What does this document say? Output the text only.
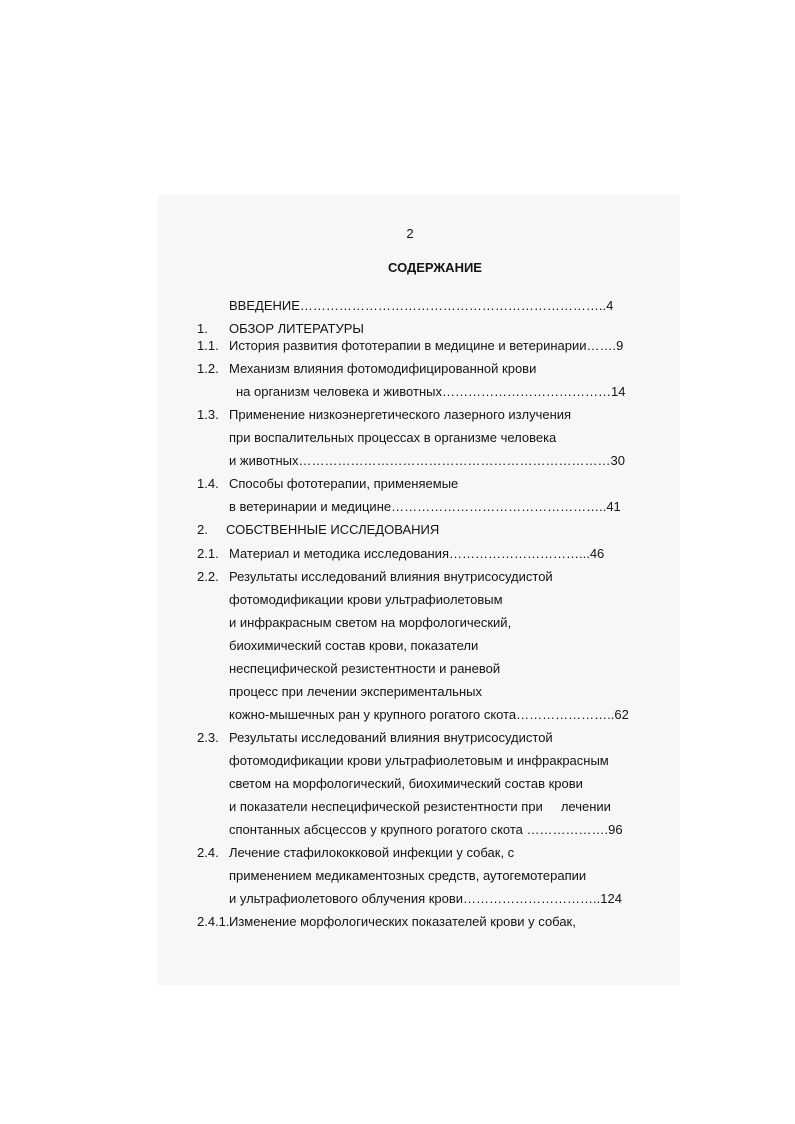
2
СОДЕРЖАНИЕ
ВВЕДЕНИЕ……………………………………………………………..4
1. ОБЗОР ЛИТЕРАТУРЫ
1.1. История развития фототерапии в медицине и ветеринарии…….9
1.2. Механизм влияния фотомодифицированной крови
на организм человека и животных…………………………………14
1.3. Применение низкоэнергетического лазерного излучения
при воспалительных процессах в организме человека
и животных………………………………………………………………30
1.4. Способы фототерапии, применяемые
в ветеринарии и медицине…………………………………………..41
2. СОБСТВЕННЫЕ ИССЛЕДОВАНИЯ
2.1. Материал и методика исследования…………………………...46
2.2. Результаты исследований влияния внутрисосудистой
фотомодификации крови ультрафиолетовым
и инфракрасным светом на морфологический,
биохимический состав крови, показатели
неспецифической резистентности и раневой
процесс при лечении экспериментальных
кожно-мышечных ран у крупного рогатого скота…………………..62
2.3. Результаты исследований влияния внутрисосудистой
фотомодификации крови ультрафиолетовым и инфракрасным
светом на морфологический, биохимический состав крови
и показатели неспецифической резистентности при     лечении
спонтанных абсцессов у крупного рогатого скота ……………….96
2.4. Лечение стафилококковой инфекции у собак, с
применением медикаментозных средств, аутогемотерапии
и ультрафиолетового облучения крови…………………………..124
2.4.1. Изменение морфологических показателей крови у собак,
